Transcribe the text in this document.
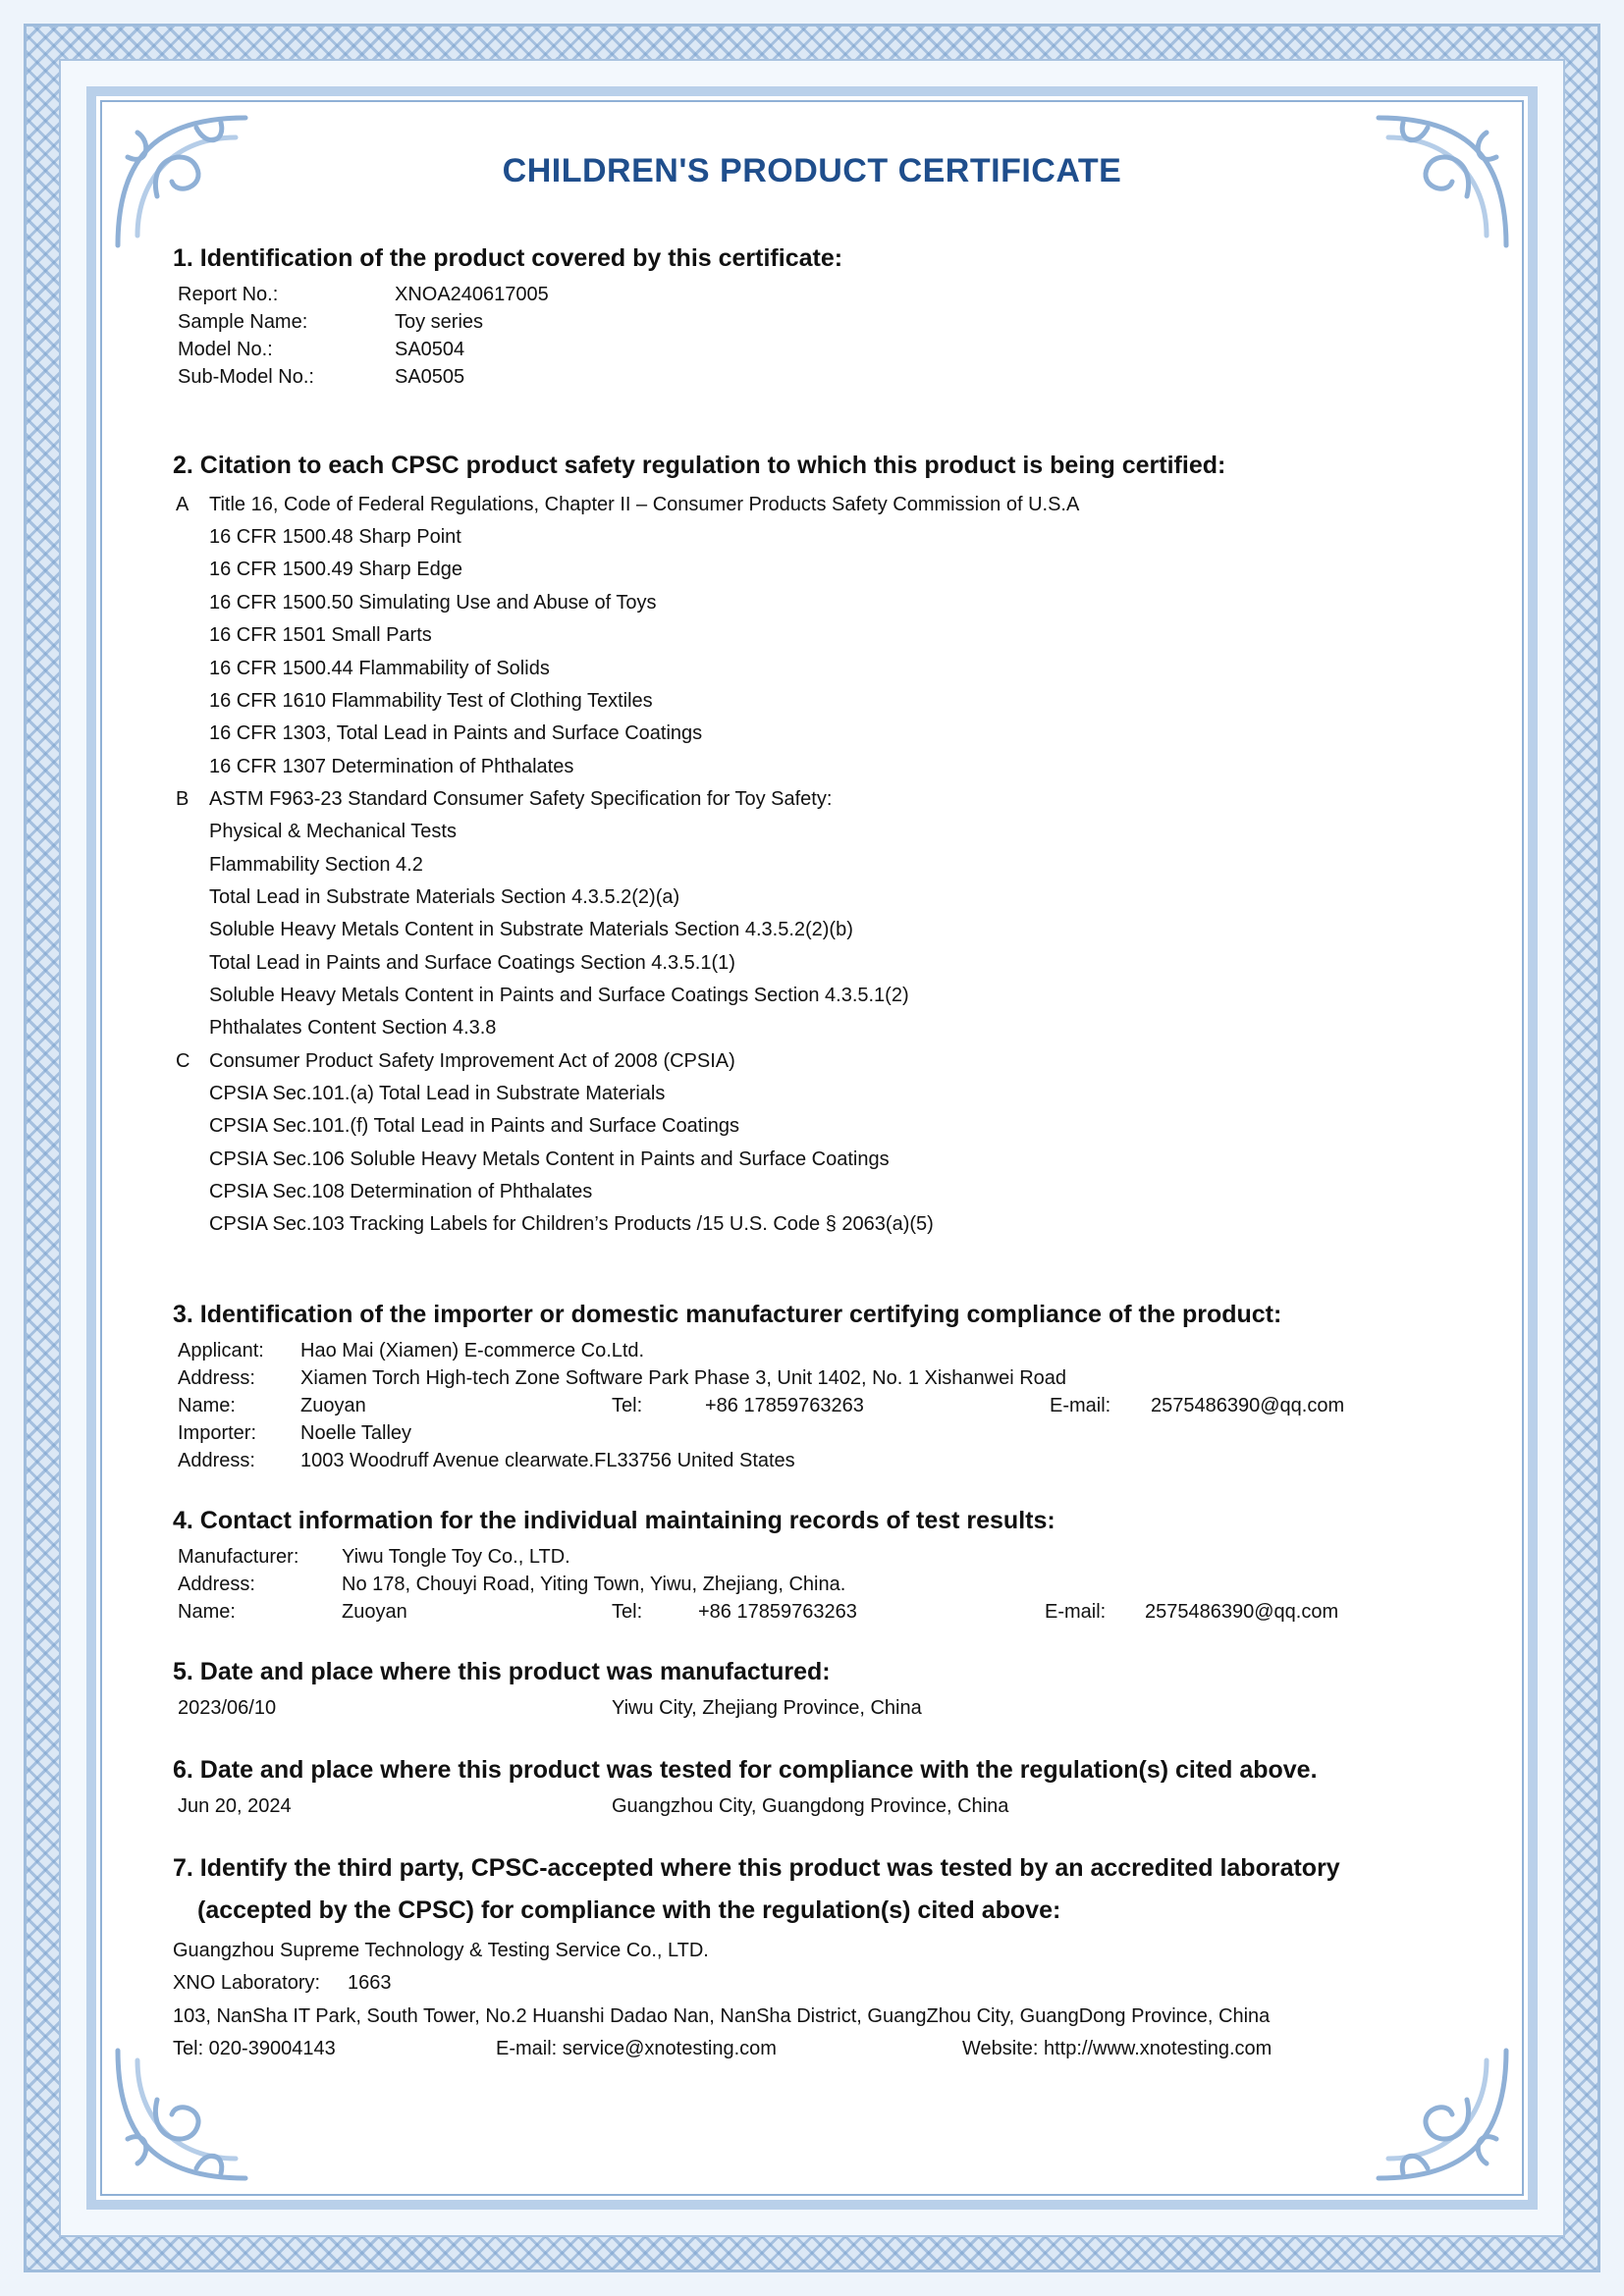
CHILDREN'S PRODUCT CERTIFICATE
1. Identification of the product covered by this certificate:
Report No.:	XNOA240617005
Sample Name:	Toy series
Model No.:	SA0504
Sub-Model No.:	SA0505
2. Citation to each CPSC product safety regulation to which this product is being certified:
A Title 16, Code of Federal Regulations, Chapter II – Consumer Products Safety Commission of U.S.A
16 CFR 1500.48 Sharp Point
16 CFR 1500.49 Sharp Edge
16 CFR 1500.50 Simulating Use and Abuse of Toys
16 CFR 1501 Small Parts
16 CFR 1500.44 Flammability of Solids
16 CFR 1610 Flammability Test of Clothing Textiles
16 CFR 1303, Total Lead in Paints and Surface Coatings
16 CFR 1307 Determination of Phthalates
B ASTM F963-23 Standard Consumer Safety Specification for Toy Safety:
Physical & Mechanical Tests
Flammability Section 4.2
Total Lead in Substrate Materials Section 4.3.5.2(2)(a)
Soluble Heavy Metals Content in Substrate Materials Section 4.3.5.2(2)(b)
Total Lead in Paints and Surface Coatings Section 4.3.5.1(1)
Soluble Heavy Metals Content in Paints and Surface Coatings Section 4.3.5.1(2)
Phthalates Content Section 4.3.8
C Consumer Product Safety Improvement Act of 2008 (CPSIA)
CPSIA Sec.101.(a) Total Lead in Substrate Materials
CPSIA Sec.101.(f) Total Lead in Paints and Surface Coatings
CPSIA Sec.106 Soluble Heavy Metals Content in Paints and Surface Coatings
CPSIA Sec.108 Determination of Phthalates
CPSIA Sec.103 Tracking Labels for Children’s Products /15 U.S. Code § 2063(a)(5)
3. Identification of the importer or domestic manufacturer certifying compliance of the product:
Applicant: Hao Mai (Xiamen) E-commerce Co.Ltd.
Address: Xiamen Torch High-tech Zone Software Park Phase 3, Unit 1402, No. 1 Xishanwei Road
Name:	Zuoyan	Tel:	+86 17859763263	E-mail: 2575486390@qq.com
Importer: Noelle Talley
Address: 1003 Woodruff Avenue clearwate.FL33756 United States
4. Contact information for the individual maintaining records of test results:
Manufacturer: Yiwu Tongle Toy Co., LTD.
Address:	No 178, Chouyi Road, Yiting Town, Yiwu, Zhejiang, China.
Name:	Zuoyan	Tel:	+86 17859763263	E-mail: 2575486390@qq.com
5. Date and place where this product was manufactured:
2023/06/10	Yiwu City, Zhejiang Province, China
6. Date and place where this product was tested for compliance with the regulation(s) cited above.
Jun 20, 2024	Guangzhou City, Guangdong Province, China
7. Identify the third party, CPSC-accepted where this product was tested by an accredited laboratory
(accepted by the CPSC) for compliance with the regulation(s) cited above:
Guangzhou Supreme Technology & Testing Service Co., LTD.
XNO Laboratory: 1663
103, NanSha IT Park, South Tower, No.2 Huanshi Dadao Nan, NanSha District, GuangZhou City, GuangDong Province, China
Tel: 020-39004143	E-mail: service@xnotesting.com	Website: http://www.xnotesting.com
